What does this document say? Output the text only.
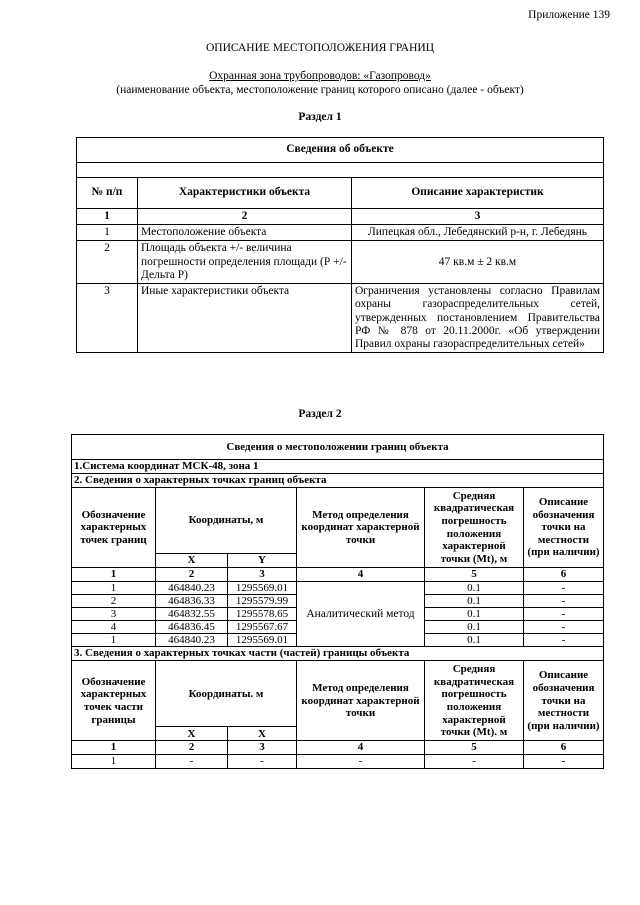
Приложение 139
ОПИСАНИЕ МЕСТОПОЛОЖЕНИЯ ГРАНИЦ
Охранная зона трубопроводов: «Газопровод»
(наименование объекта, местоположение границ которого описано (далее - объект)
Раздел 1
Сведения об объекте		

№ п/п	Характеристики объекта	Описание характеристик
1	2	3
1	Местоположение объекта	Липецкая обл., Лебедянский р-н, г. Лебедянь
2	Площадь объекта +/- величина погрешности определения площади (Р +/- Дельта Р)	47 кв.м ± 2 кв.м
3	Иные характеристики объекта	Ограничения установлены согласно Правилам охраны газораспределительных сетей, утвержденных постановлением Правительства РФ № 878 от 20.11.2000г. «Об утверждении Правил охраны газораспределительных сетей»
Раздел 2
Сведения о местоположении границ объекта					
1.Система координат МСК-48, зона 1					
2. Сведения о характерных точках границ объекта					
Обозначение характерных точек границ	Координаты, м		Метод определения координат характерной точки	Средняя квадратическая погрешность положения характерной точки (Mt), м	Описание обозначения точки на местности (при наличии)
	X	Y			
1	2	3	4	5	6
1	464840.23	1295569.01	Аналитический метод	0.1	-
2	464836.33	1295579.99		0.1	-
3	464832.55	1295578.65		0.1	-
4	464836.45	1295567.67		0.1	-
1	464840.23	1295569.01		0.1	-
3. Сведения о характерных точках части (частей) границы объекта					
Обозначение характерных точек части границы	Координаты. м		Метод определения координат характерной точки	Средняя квадратическая погрешность положения характерной точки (Mt). м	Описание обозначения точки на местности (при наличии)
	X	X			
1	2	3	4	5	6
1	-	-	-	-	-
